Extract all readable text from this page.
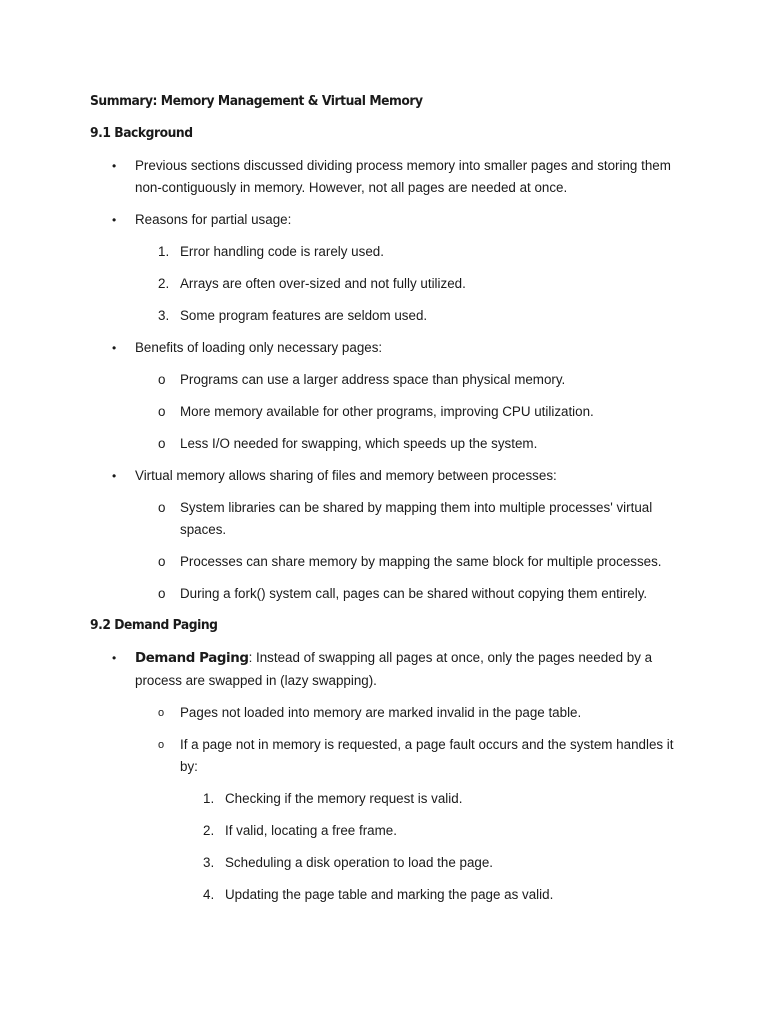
Summary: Memory Management & Virtual Memory

9.1 Background

• Previous sections discussed dividing process memory into smaller pages and storing them non-contiguously in memory. However, not all pages are needed at once.
• Reasons for partial usage:
1. Error handling code is rarely used.
2. Arrays are often over-sized and not fully utilized.
3. Some program features are seldom used.
• Benefits of loading only necessary pages:
o Programs can use a larger address space than physical memory.
o More memory available for other programs, improving CPU utilization.
o Less I/O needed for swapping, which speeds up the system.
• Virtual memory allows sharing of files and memory between processes:
o System libraries can be shared by mapping them into multiple processes' virtual spaces.
o Processes can share memory by mapping the same block for multiple processes.
o During a fork() system call, pages can be shared without copying them entirely.

9.2 Demand Paging

• Demand Paging: Instead of swapping all pages at once, only the pages needed by a process are swapped in (lazy swapping).
o Pages not loaded into memory are marked invalid in the page table.
o If a page not in memory is requested, a page fault occurs and the system handles it by:
1. Checking if the memory request is valid.
2. If valid, locating a free frame.
3. Scheduling a disk operation to load the page.
4. Updating the page table and marking the page as valid.
